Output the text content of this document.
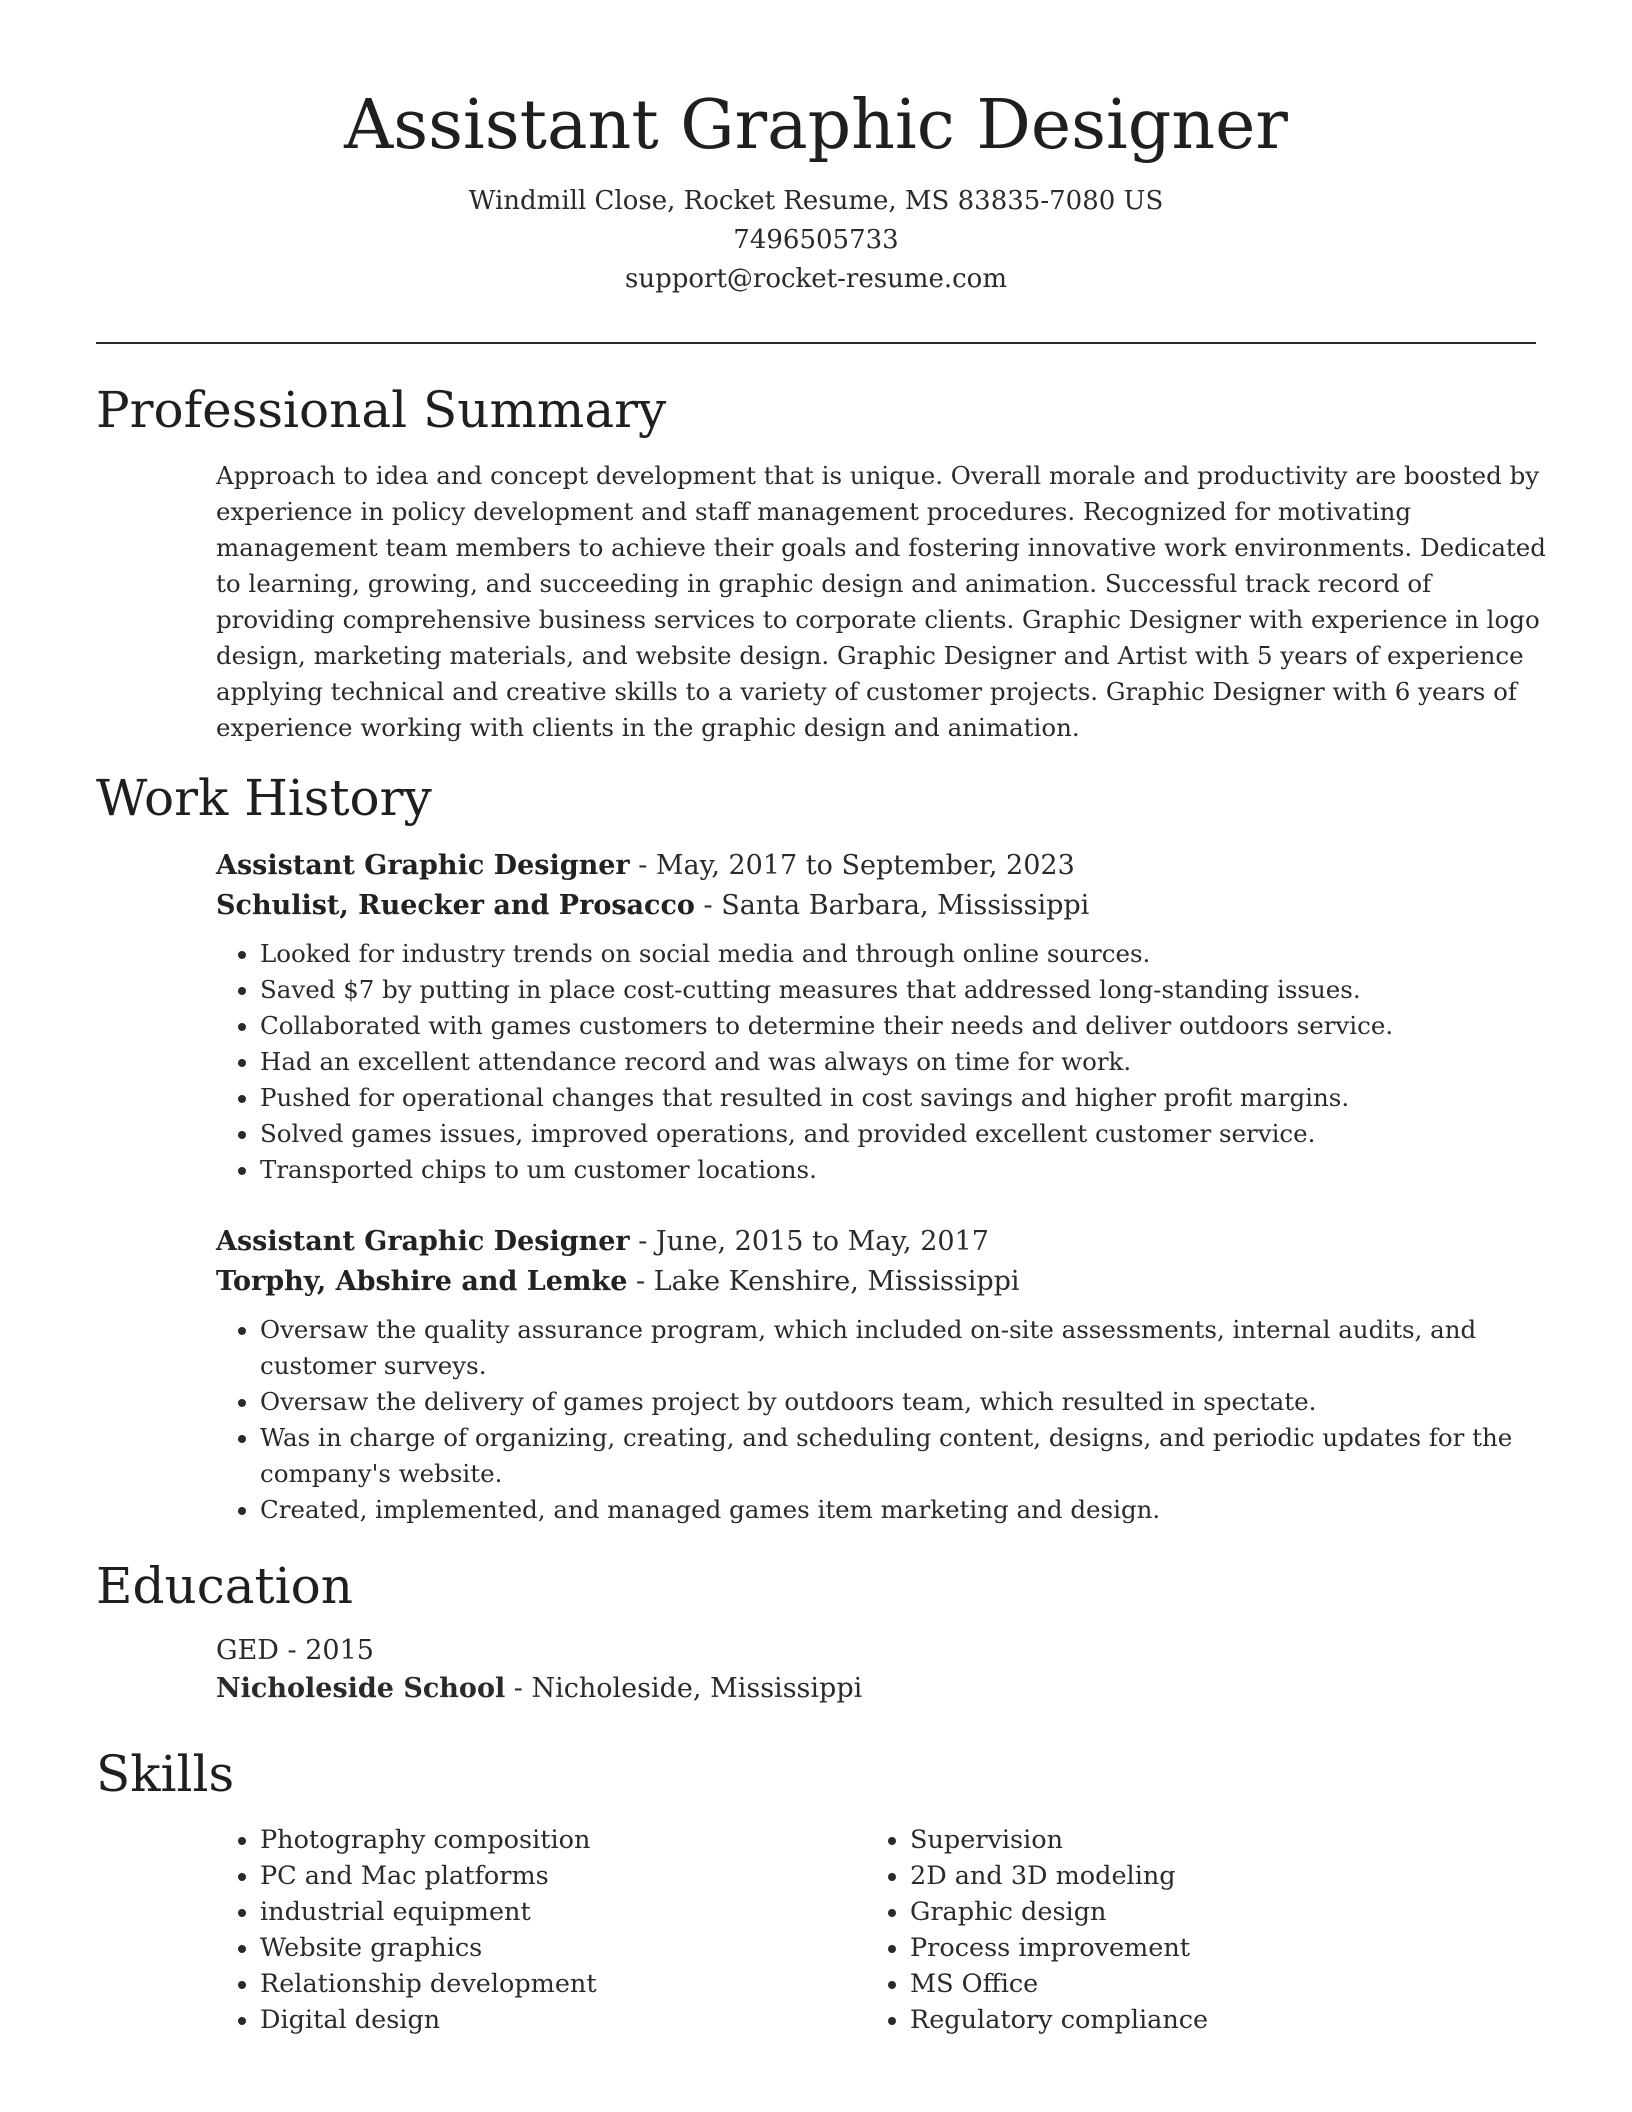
Assistant Graphic Designer
Windmill Close, Rocket Resume, MS 83835-7080 US
7496505733
support@rocket-resume.com
Professional Summary

Approach to idea and concept development that is unique. Overall morale and productivity are boosted by experience in policy development and staff management procedures. Recognized for motivating management team members to achieve their goals and fostering innovative work environments. Dedicated to learning, growing, and succeeding in graphic design and animation. Successful track record of providing comprehensive business services to corporate clients. Graphic Designer with experience in logo design, marketing materials, and website design. Graphic Designer and Artist with 5 years of experience applying technical and creative skills to a variety of customer projects. Graphic Designer with 6 years of experience working with clients in the graphic design and animation.

Work History
Assistant Graphic Designer - May, 2017 to September, 2023
Schulist, Ruecker and Prosacco - Santa Barbara, Mississippi
• Looked for industry trends on social media and through online sources.
• Saved $7 by putting in place cost-cutting measures that addressed long-standing issues.
• Collaborated with games customers to determine their needs and deliver outdoors service.
• Had an excellent attendance record and was always on time for work.
• Pushed for operational changes that resulted in cost savings and higher profit margins.
• Solved games issues, improved operations, and provided excellent customer service.
• Transported chips to um customer locations.
Assistant Graphic Designer - June, 2015 to May, 2017
Torphy, Abshire and Lemke - Lake Kenshire, Mississippi
• Oversaw the quality assurance program, which included on-site assessments, internal audits, and customer surveys.
• Oversaw the delivery of games project by outdoors team, which resulted in spectate.
• Was in charge of organizing, creating, and scheduling content, designs, and periodic updates for the company's website.
• Created, implemented, and managed games item marketing and design.
Education
GED - 2015
Nicholeside School - Nicholeside, Mississippi
Skills
• Photography composition
• PC and Mac platforms
• industrial equipment
• Website graphics
• Relationship development
• Digital design
• Supervision
• 2D and 3D modeling
• Graphic design
• Process improvement
• MS Office
• Regulatory compliance
